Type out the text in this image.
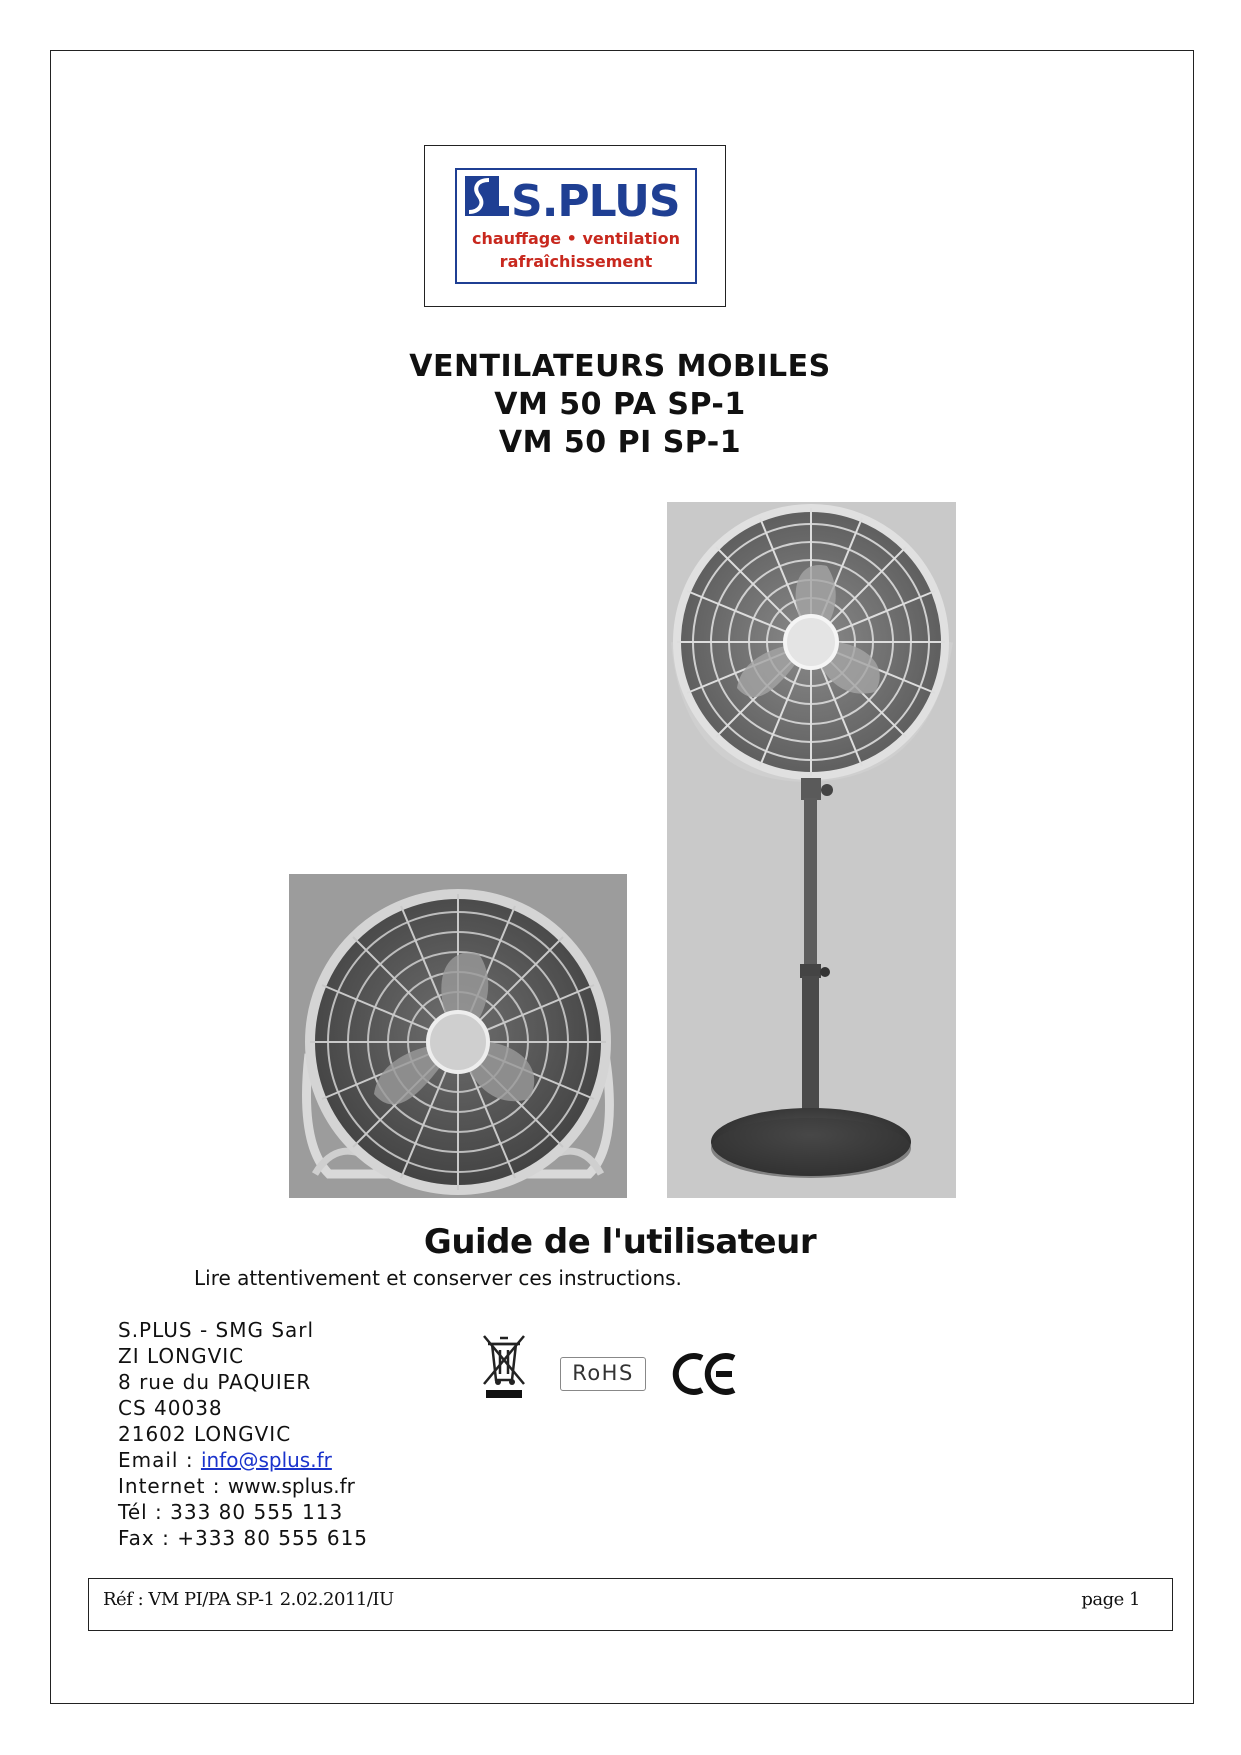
S.PLUS
chauffage • ventilation
rafraîchissement
VENTILATEURS MOBILES
VM 50 PA SP-1
VM 50 PI SP-1
Guide de l'utilisateur
Lire attentivement et conserver ces instructions.
S.PLUS - SMG Sarl
ZI LONGVIC
8 rue du PAQUIER
CS 40038
21602 LONGVIC
Email : info@splus.fr
Internet : www.splus.fr
Tél : 333 80 555 113
Fax : +333 80 555 615
RoHS
Réf : VM PI/PA SP-1 2.02.2011/IU	page 1
